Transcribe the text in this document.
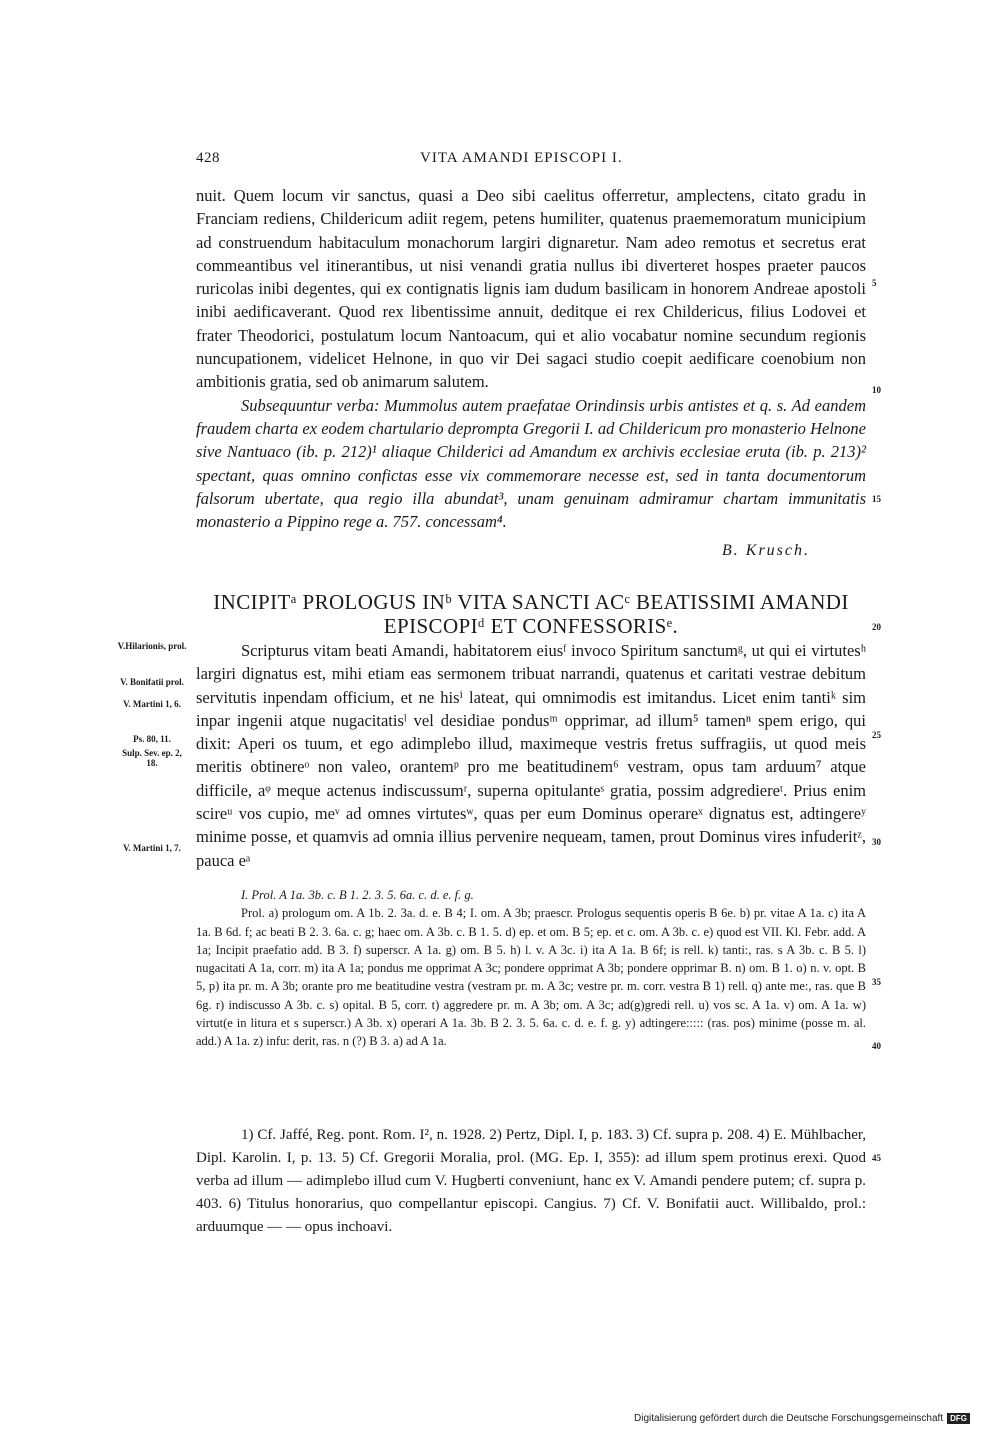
428	VITA AMANDI EPISCOPI I.

nuit. Quem locum vir sanctus, quasi a Deo sibi caelitus offerretur, amplectens, citato gradu in Franciam rediens, Childericum adiit regem, petens humiliter, quatenus praememoratum municipium ad construendum habitaculum monachorum largiri dignaretur. Nam adeo remotus et secretus erat commeantibus vel itinerantibus, ut nisi venandi gratia nullus ibi diverteret hospes praeter paucos ruricolas inibi degentes, qui ex contignatis lignis iam dudum basilicam in honorem Andreae apostoli inibi aedificaverant. Quod rex libentissime annuit, deditque ei rex Childericus, filius Lodovei et frater Theodorici, postulatum locum Nantoacum, qui et alio vocabatur nomine secundum regionis nuncupationem, videlicet Helnone, in quo vir Dei sagaci studio coepit aedificare coenobium non ambitionis gratia, sed ob animarum salutem.

Subsequuntur verba: Mummolus autem praefatae Orindinsis urbis antistes et q. s. Ad eandem fraudem charta ex eodem chartulario deprompta Gregorii I. ad Childericum pro monasterio Helnone sive Nantuaco (ib. p. 212)¹ aliaque Childerici ad Amandum ex archivis ecclesiae eruta (ib. p. 213)² spectant, quas omnino confictas esse vix commemorare necesse est, sed in tanta documentorum falsorum ubertate, qua regio illa abundat³, unam genuinam admiramur chartam immunitatis monasterio a Pippino rege a. 757. concessam⁴.

B. Krusch.
5
10
15
20
25
30
35
40
45
INCIPITᵃ PROLOGUS INᵇ VITA SANCTI ACᶜ BEATISSIMI AMANDI
EPISCOPIᵈ ET CONFESSORISᵉ.
V.Hilarionis, prol.
V. Bonifatii prol.
V. Martini 1, 6.
Ps. 80, 11.
Sulp. Sev. ep. 2, 18.
V. Martini 1, 7.
Scripturus vitam beati Amandi, habitatorem eiusᶠ invoco Spiritum sanctumᵍ, ut qui ei virtutesʰ largiri dignatus est, mihi etiam eas sermonem tribuat narrandi, quatenus et caritati vestrae debitum servitutis inpendam officium, et ne hisⁱ lateat, qui omnimodis est imitandus. Licet enim tantiᵏ sim inpar ingenii atque nugacitatisˡ vel desidiae pondusᵐ opprimar, ad illum⁵ tamenⁿ spem erigo, qui dixit: Aperi os tuum, et ego adimplebo illud, maximeque vestris fretus suffragiis, ut quod meis meritis obtinereᵒ non valeo, orantemᵖ pro me beatitudinem⁶ vestram, opus tam arduum⁷ atque difficile, aᵠ meque actenus indiscussumʳ, superna opitulanteˢ gratia, possim adgrediereᵗ. Prius enim scireᵘ vos cupio, meᵛ ad omnes virtutesʷ, quas per eum Dominus operareˣ dignatus est, adtingereʸ minime posse, et quamvis ad omnia illius pervenire nequeam, tamen, prout Dominus vires infuderitᶻ, pauca eᵃ

I. Prol. A 1a. 3b. c. B 1. 2. 3. 5. 6a. c. d. e. f. g.

Prol. a) prologum om. A 1b. 2. 3a. d. e. B 4; I. om. A 3b; praescr. Prologus sequentis operis B 6e. b) pr. vitae A 1a. c) ita A 1a. B 6d. f; ac beati B 2. 3. 6a. c. g; haec om. A 3b. c. B 1. 5. d) ep. et om. B 5; ep. et c. om. A 3b. c. e) quod est VII. Kl. Febr. add. A 1a; Incipit praefatio add. B 3. f) superscr. A 1a. g) om. B 5. h) l. v. A 3c. i) ita A 1a. B 6f; is rell. k) tanti:, ras. s A 3b. c. B 5. l) nugacitati A 1a, corr. m) ita A 1a; pondus me opprimat A 3c; pondere opprimat A 3b; pondere opprimar B. n) om. B 1. o) n. v. opt. B 5, p) ita pr. m. A 3b; orante pro me beatitudine vestra (vestram pr. m. A 3c; vestre pr. m. corr. vestra B 1) rell. q) ante me:, ras. que B 6g. r) indiscusso A 3b. c. s) opital. B 5, corr. t) aggredere pr. m. A 3b; om. A 3c; ad(g)gredi rell. u) vos sc. A 1a. v) om. A 1a. w) virtut(e in litura et s superscr.) A 3b. x) operari A 1a. 3b. B 2. 3. 5. 6a. c. d. e. f. g. y) adtingere::::: (ras. pos) minime (posse m. al. add.) A 1a. z) infu: derit, ras. n (?) B 3. a) ad A 1a.

1) Cf. Jaffé, Reg. pont. Rom. I², n. 1928. 2) Pertz, Dipl. I, p. 183. 3) Cf. supra p. 208. 4) E. Mühlbacher, Dipl. Karolin. I, p. 13. 5) Cf. Gregorii Moralia, prol. (MG. Ep. I, 355): ad illum spem protinus erexi. Quod verba ad illum — adimplebo illud cum V. Hugberti conveniunt, hanc ex V. Amandi pendere putem; cf. supra p. 403. 6) Titulus honorarius, quo compellantur episcopi. Cangius. 7) Cf. V. Bonifatii auct. Willibaldo, prol.: arduumque — — opus inchoavi.

Digitalisierung gefördert durch die Deutsche Forschungsgemeinschaft DFG
